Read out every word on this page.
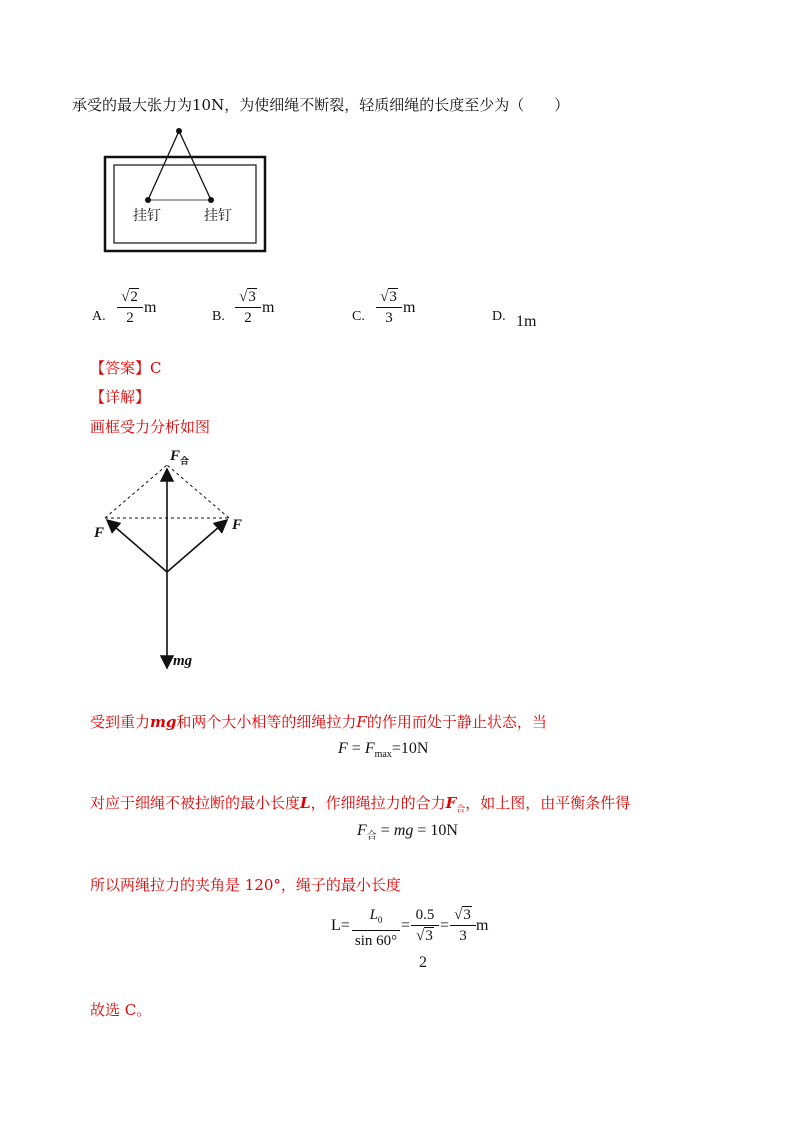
承受的最大张力为10N，为使细绳不断裂，轻质细绳的长度至少为（　　）
挂钉	挂钉
A.
√2
2
m
B.
√3
2
m
C.
√3
3
m
D. 1m
【答案】C
【详解】
画框受力分析如图
$F_合$
F	F
mg
受到重力mg和两个大小相等的细绳拉力F的作用而处于静止状态，当
$F = F_{max}=10N$
对应于细绳不被拉断的最小长度L，作细绳拉力的合力$F_合$，如上图，由平衡条件得
$F_合$ = mg = 10N
所以两绳拉力的夹角是 120°，绳子的最小长度
L=
$L_0$
sin 60°
=
0.5
√3
2
=
√3
3
m
故选 C。
